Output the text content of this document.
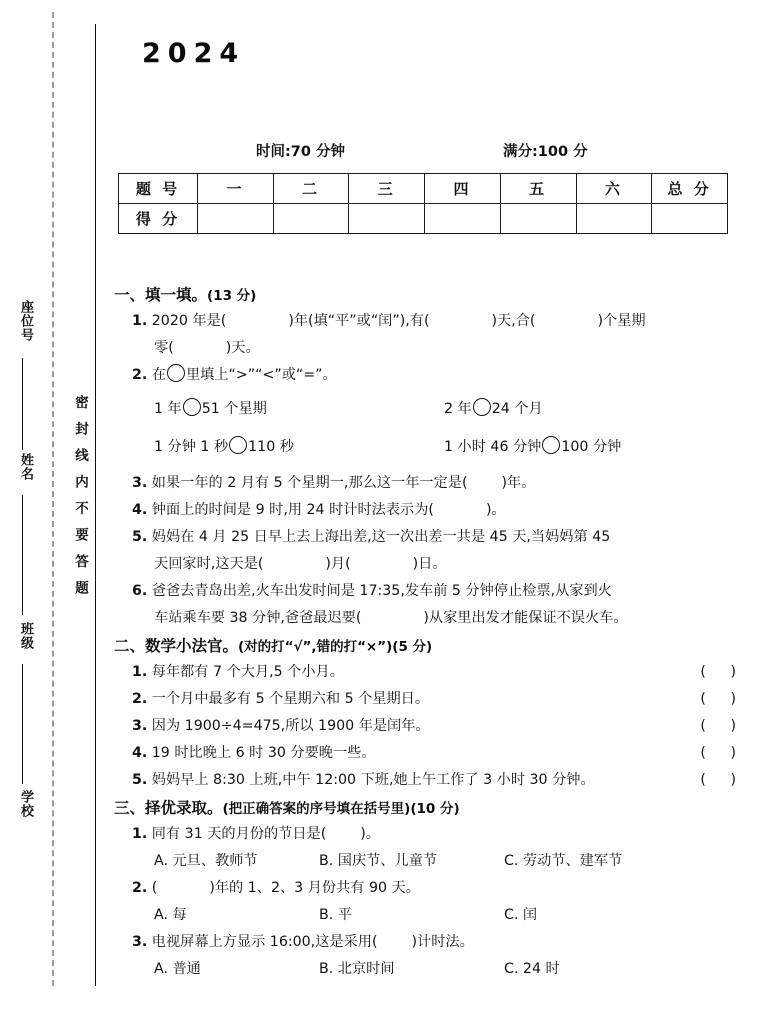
座位号
姓名
班级
学校
密封线内不要答题
2024
时间:70 分钟	满分:100 分
题 号	一	二	三	四	五	六	总 分
得 分							
一、填一填。(13 分)
1. 2020 年是(	)年(填“平”或“闰”),有(	)天,合(	)个星期
零(	)天。
2. 在 里填上“>”“<”或“=”。
1 年 51 个星期	2 年 24 个月
1 分钟 1 秒 110 秒	1 小时 46 分钟 100 分钟
3. 如果一年的 2 月有 5 个星期一,那么这一年一定是( )年。
4. 钟面上的时间是 9 时,用 24 时计时法表示为(	)。
5. 妈妈在 4 月 25 日早上去上海出差,这一次出差一共是 45 天,当妈妈第 45
天回家时,这天是(	)月(	)日。
6. 爸爸去青岛出差,火车出发时间是 17:35,发车前 5 分钟停止检票,从家到火
车站乘车要 38 分钟,爸爸最迟要(	)从家里出发才能保证不误火车。
二、数学小法官。(对的打“√”,错的打“×”)(5 分)
1. 每年都有 7 个大月,5 个小月。	( )
2. 一个月中最多有 5 个星期六和 5 个星期日。	( )
3. 因为 1900÷4=475,所以 1900 年是闰年。	( )
4. 19 时比晚上 6 时 30 分要晚一些。	( )
5. 妈妈早上 8:30 上班,中午 12:00 下班,她上午工作了 3 小时 30 分钟。	( )
三、择优录取。(把正确答案的序号填在括号里)(10 分)
1. 同有 31 天的月份的节日是( )。
A. 元旦、教师节	B. 国庆节、儿童节	C. 劳动节、建军节
2. (	)年的 1、2、3 月份共有 90 天。
A. 每	B. 平	C. 闰
3. 电视屏幕上方显示 16:00,这是采用( )计时法。
A. 普通	B. 北京时间	C. 24 时
